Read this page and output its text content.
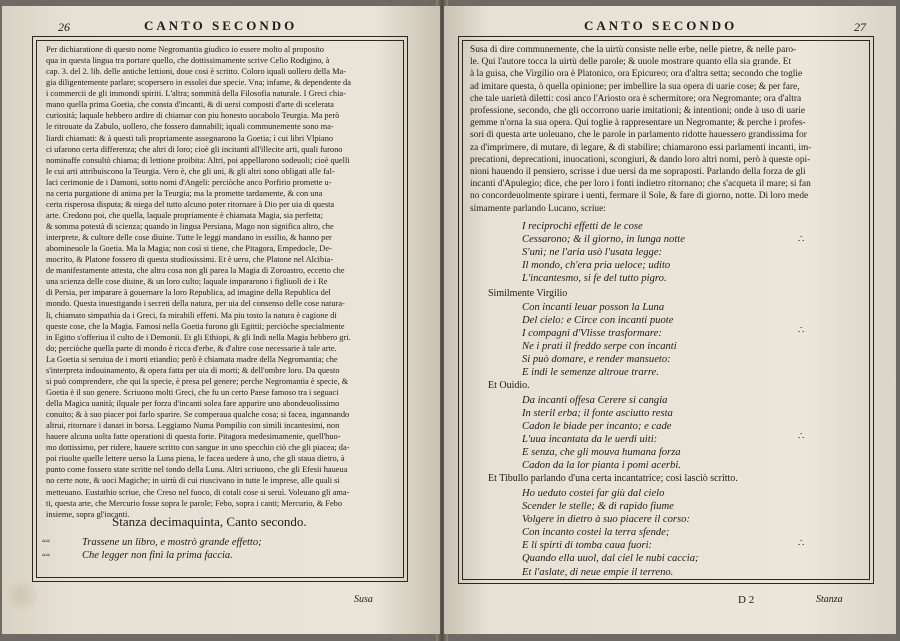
26	CANTO SECONDO
Per dichiaratione di questo nome Negromantia giudico io essere molto al proposito
qua in questa lingua tra portare quello, che dottissimamente scrive Celio Rodigino, à
cap. 3. del 2. lib. delle antiche lettioni, doue cosi è scritto. Coloro iquali uollero della Ma-
gia diligentemente parlare; scopersero in essolei due specie. Vna; infame, & dependente da
i commercii de gli immondi spiriti. L'altra; sommità della Filosofia naturale. I Greci chia-
mano quella prima Goetia, che consta d'incanti, & di uersi composti d'arte di scelerata
curiosità; laquale hebbero ardire di chiamar con piu honesto uocabolo Teurgia. Ma però
le ritrouate da Zabulo, uollero, che fossero dannabili; iquali communemente sono ma-
liardi chiamati: & à questi tali propriamente assegnarono la Goetia; ì cui libri Vlpiano
ci ufarono certa differenza; che altri di loro; cioè gli incitanti all'illecite arti, quali furono
nominaffe consultò chiama; di lettione proibita: Altri, poi appellarono sodeuoli; cioè quelli
le cui arti attribuiscono la Teurgia. Vero è, che gli uni, & gli altri sono obligati alle fal-
laci cerimonie de i Damoni, sotto nomi d'Angeli: perciòche anco Porfirio promette u-
na certa purgatione di anima per la Teurgia; ma la promette tardamente, & con una
certa risperosa disputa; & niega del tutto alcuno poter ritornare à Dio per uia di questa
arte. Credono poi, che quella, laquale propriamente è chiamata Magia, sia perfetta;
& somma potestà di scienza; quando in lingua Persiana, Mago non significa altro, che
interprete, & cultore delle cose diuine. Tutte le leggi mandano in essilio, & hanno per
abomineuole la Goetia. Ma la Magia; non così si tiene, che Pitagora, Empedocle, De-
mocrito, & Platone fossero di questa studiosissimi. Et è uero, che Platone nel Alcibia-
de manifestamente attesta, che altra cosa non gli parea la Magia di Zoroastro, eccetto che
una scienza delle cose diuine, & un loro culto; laquale impararono i figliuoli de i Re
di Persia, per imparare à gouernare la loro Republica, ad imagine della Republica del
mondo. Questa inuestigando i secreti della natura, per uia del consenso delle cose natura-
li, chiamato simpathia da i Greci, fa mirabili effetti. Ma piu tosto la natura è cagione di
queste cose, che la Magia. Famosi nella Goetia furono gli Egittii; perciòche specialmente
in Egitto s'offeriua il culto de i Demonii. Et gli Ethiopi, & gli Indi nella Magia hebbero gri.
do; perciòche quella parte di mondo è ricca d'erbe, & d'altre cose necessarie à tale arte.
La Goetia si seruiua de i morti etiandio; però è chiamata madre della Negromantia; che
s'interpreta indouinamento, & opera fatta per uia di morti; & dell'ombre loro. Da questo
si può comprendere, che qui la specie, è presa pel genere; perche Negromantia è specie, &
Goetia è il suo genere. Scriuono molti Greci, che fu un certo Paese famoso tra i seguaci
della Magica uanità; ilquale per forza d'incanti solea fare apparire uno abondeuolissimo
conuito; & à suo piacer poi farlo sparire. Se comperaua qualche cosa; si facea, ingannando
altrui, ritornare i danari in borsa. Leggiamo Numa Pompilio con simili incantesimi, non
hauere alcuna uolta fatte operationi di questa forte. Pitagora medesimamente, quell'huo-
mo dottissimo, per ridere, hauere scritto con sangue in uno specchio ciò che gli piacea; da-
poi riuolte quelle lettere uerso la Luna piena, le facea uedere à uno, che gli staua dietro, à
punto come fossero state scritte nel tondo della Luna. Altri scriuono, che gli Efesii haueua
no certe note, & uoci Magiche; in uirtù di cui riuscivano in tutte le imprese, alle quali si
metteuano. Eustathio scriue, che Creso nel fuoco, di cotali cose si seruì. Voleuano gli ama-
ti, questa arte, che Mercurio fosse sopra le parole; Febo, sopra i canti; Mercurio, & Febo
insieme, sopra gl'incanti.
Stanza decimaquinta, Canto secondo.
““
““
Trassene un libro, e mostrò grande effetto;
Che legger non finì la prima faccia.
Susa
CANTO SECONDO	27
Susa di dire communemente, che la uirtù consiste nelle erbe, nelle pietre, & nelle paro-
le. Qui l'autore tocca la uirtù delle parole; & uuole mostrare quanto ella sia grande. Et
à la guisa, che Virgilio ora è Platonico, ora Epicureo; ora d'altra setta; secondo che toglie
ad imitare questa, ò quella opinione; per imbellire la sua opera di uarie cose; & per fare,
che tale uarietà diletti: così anco l'Ariosto ora è schermitore; ora Negromante; ora d'altra
professione, secondo, che gli occorrono uarie imitationi; & intentioni; onde à uso di uarie
gemme n'orna la sua opera. Qui toglie à rappresentare un Negromante; & perche i profes-
sori di questa arte uoleuano, che le parole in parlamento ridotte hauessero grandissima for
za d'imprimere, di mutare, di legare, & di stabilire; chiamarono essi parlamenti incanti, im-
precationi, deprecationi, inuocationi, scongiuri, & dando loro altri nomi, però à queste opi-
nioni hauendo il pensiero, scrisse i due uersi da me sopraposti. Parlando della forza de gli
incanti d'Apulegio; dice, che per loro i fonti indietro ritornano; che s'acqueta il mare; si fan
no concordeuolmente spirare i uenti, fermare il Sole, & fare di giorno, notte. Di loro mede
simamente parlando Lucano, scriue:
I reciprochi effetti de le cose
Cessarono; & il giorno, in lunga notte
S'unì; ne l'aria usò l'usata legge:
Il mondo, ch'era pria ueloce; udito
L'incantesmo, si fe del tutto pigro.
Similmente Virgilio
Con incanti leuar posson la Luna
Del cielo: e Circe con incanti puote
I compagni d'Vlisse trasformare:
Ne i prati il freddo serpe con incanti
Si può domare, e render mansueto:
E indi le semenze altroue trarre.
Et Ouidio.
Da incanti offesa Cerere si cangia
In steril erba; il fonte asciutto resta
Cadon le biade per incanto; e cade
L'uua incantata da le uerdi uiti:
E senza, che gli mouva humana forza
Cadon da la lor pianta i pomi acerbi.
Et Tibullo parlando d'una certa incantatrice; così lasciò scritto.
Ho ueduto costei far giù dal cielo
Scender le stelle; & di rapido fiume
Volgere in dietro à suo piacere il corso:
Con incanto costei la terra sfende;
E li spirti di tomba caua fuori:
Quando ella uuol, dal ciel le nubi caccia;
Et l'aslate, di neue empie il terreno.
∴
∴
∴
∴
D 2	Stanza
